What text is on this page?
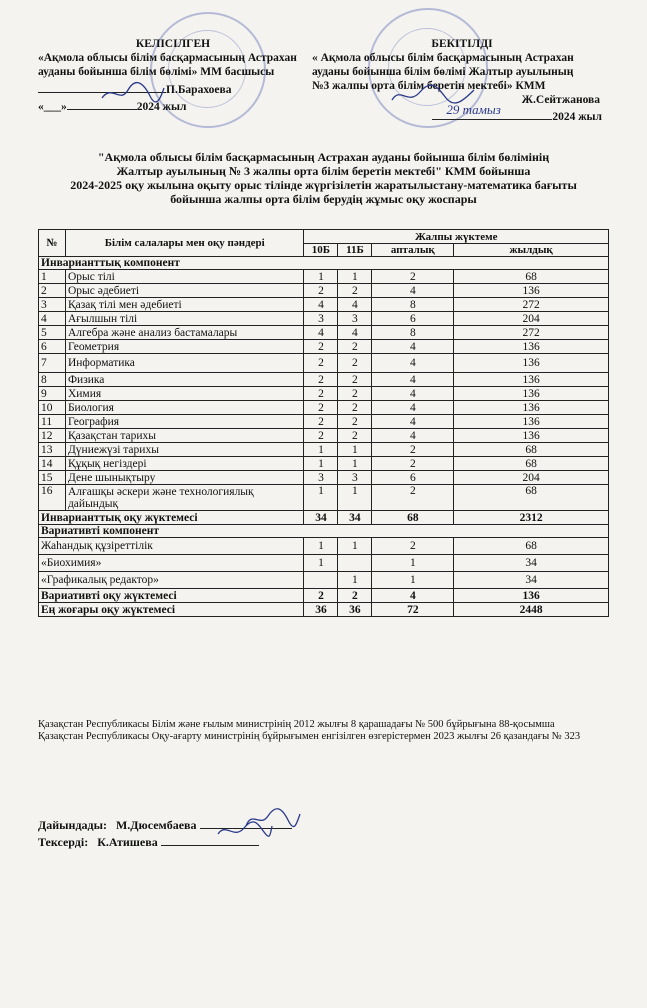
КЕЛІСІЛГЕН
«Ақмола облысы білім басқармасының Астрахан ауданы бойынша білім бөлімі» ММ басшысы
П.Барахоева
«___»	2024 жыл
БЕКІТІЛДІ
« Ақмола облысы білім басқармасының Астрахан ауданы бойынша білім бөлімі Жалтыр ауылының №3 жалпы орта білім беретін мектебі» КММ
Ж.Сейтжанова
29 тамыз	2024 жыл
"Ақмола облысы білім басқармасының Астрахан ауданы бойынша білім бөлімінің
Жалтыр ауылының № 3 жалпы орта білім беретін мектебі" КММ бойынша
2024-2025 оқу жылына оқыту орыс тілінде жүргізілетін жаратылыстану-математика бағыты
бойынша жалпы орта білім берудің жұмыс оқу жоспары
№	Білім салалары мен оқу пәндері	Жалпы жүктеме			
		10Б	11Б	апталық	жылдық
Инварианттық компонент					
1	Орыс тілі	1	1	2	68
2	Орыс әдебиеті	2	2	4	136
3	Қазақ тілі мен әдебиеті	4	4	8	272
4	Ағылшын тілі	3	3	6	204
5	Алгебра және анализ бастамалары	4	4	8	272
6	Геометрия	2	2	4	136
7	Информатика	2	2	4	136
8	Физика	2	2	4	136
9	Химия	2	2	4	136
10	Биология	2	2	4	136
11	География	2	2	4	136
12	Қазақстан тарихы	2	2	4	136
13	Дүниежүзі тарихы	1	1	2	68
14	Құқық негіздері	1	1	2	68
15	Дене шынықтыру	3	3	6	204
16	Алғашқы әскери және технологиялық дайындық	1	1	2	68
Инварианттық оқу жүктемесі		34	34	68	2312
Вариативті компонент					
Жаһандық құзіреттілік		1	1	2	68
«Биохимия»		1		1	34
«Графикалық редактор»			1	1	34
Вариативті оқу жүктемесі		2	2	4	136
Ең жоғары оқу жүктемесі		36	36	72	2448
Қазақстан Республикасы Білім және ғылым министрінің 2012 жылғы 8 қарашадағы № 500 бұйрығына 88-қосымша
Қазақстан Республикасы Оқу-ағарту министрінің бұйрығымен енгізілген өзгерістермен 2023 жылғы 26 қазандағы № 323
Дайындады: М.Дюсембаева
Тексерді: К.Атишева
